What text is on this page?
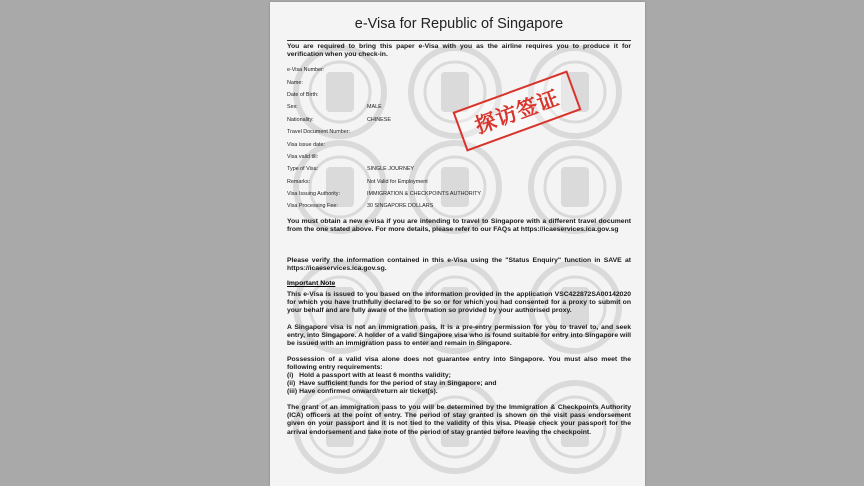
e-Visa for Republic of Singapore

You are required to bring this paper e-Visa with you as the airline requires you to produce it for verification when you check-in.

e-Visa Number:
Name:
Date of Birth:
Sex:	MALE
Nationality:	CHINESE
Travel Document Number:
Visa issue date:
Visa valid till:
Type of Visa:	SINGLE JOURNEY
Remarks:	Not Valid for Employment
Visa Issuing Authority:	IMMIGRATION & CHECKPOINTS AUTHORITY
Visa Processing Fee:	30 SINGAPORE DOLLARS

You must obtain a new e-visa if you are intending to travel to Singapore with a different travel document from the one stated above. For more details, please refer to our FAQs at https://icaeservices.ica.gov.sg

Please verify the information contained in this e-Visa using the "Status Enquiry" function in SAVE at https://icaeservices.ica.gov.sg.

Important Note

This e-Visa is issued to you based on the information provided in the application VSC422872SA00142020 for which you have truthfully declared to be so or for which you had consented for a proxy to submit on your behalf and are fully aware of the information so provided by your authorised proxy.

A Singapore visa is not an immigration pass. It is a pre-entry permission for you to travel to, and seek entry, into Singapore. A holder of a valid Singapore visa who is found suitable for entry into Singapore will be issued with an immigration pass to enter and remain in Singapore.

Possession of a valid visa alone does not guarantee entry into Singapore. You must also meet the following entry requirements:

(i)   Hold a passport with at least 6 months validity;

(ii)  Have sufficient funds for the period of stay in Singapore; and

(iii) Have confirmed onward/return air ticket(s).

The grant of an immigration pass to you will be determined by the Immigration & Checkpoints Authority (ICA) officers at the point of entry. The period of stay granted is shown on the visit pass endorsement given on your passport and it is not tied to the validity of this visa. Please check your passport for the arrival endorsement and take note of the period of stay granted before leaving the checkpoint.

探访签证
